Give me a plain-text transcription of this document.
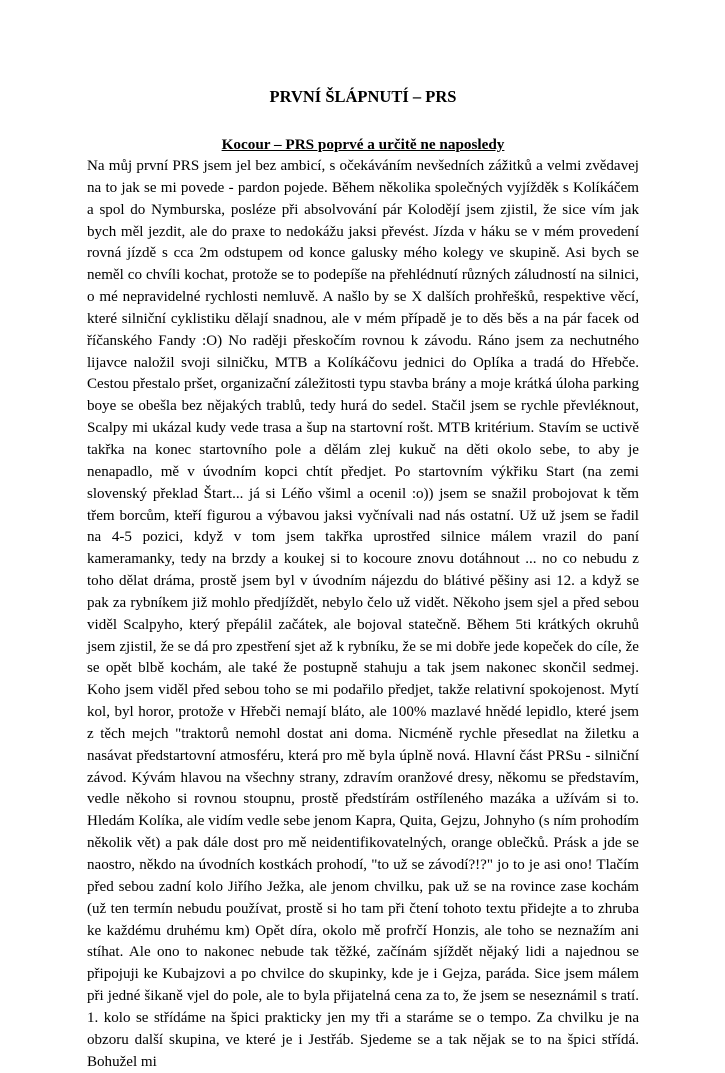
PRVNÍ ŠLÁPNUTÍ – PRS
Kocour – PRS poprvé a určitě ne naposledy

Na můj první PRS jsem jel bez ambicí, s očekáváním nevšedních zážitků a velmi zvědavej na to jak se mi povede - pardon pojede. Během několika společných vyjížděk s Kolíkáčem a spol do Nymburska, posléze při absolvování pár Kolodějí jsem zjistil, že sice vím jak bych měl jezdit, ale do praxe to nedokážu jaksi převést. Jízda v háku se v mém provedení rovná jízdě s cca 2m odstupem od konce galusky mého kolegy ve skupině. Asi bych se neměl co chvíli kochat, protože se to podepíše na přehlédnutí různých záludností na silnici, o mé nepravidelné rychlosti nemluvě. A našlo by se X dalších prohřešků, respektive věcí, které silniční cyklistiku dělají snadnou, ale v mém případě je to děs běs a na pár facek od říčanského Fandy :O) No raději přeskočím rovnou k závodu. Ráno jsem za nechutného lijavce naložil svoji silničku, MTB a Kolíkáčovu jednici do Oplíka a tradá do Hřebče. Cestou přestalo pršet, organizační záležitosti typu stavba brány a moje krátká úloha parking boye se obešla bez nějakých trablů, tedy hurá do sedel. Stačil jsem se rychle převléknout, Scalpy mi ukázal kudy vede trasa a šup na startovní rošt. MTB kritérium. Stavím se uctivě takřka na konec startovního pole a dělám zlej kukuč na děti okolo sebe, to aby je nenapadlo, mě v úvodním kopci chtít předjet. Po startovním výkřiku Start (na zemi slovenský překlad Štart... já si Léňo všiml a ocenil :o)) jsem se snažil probojovat k těm třem borcům, kteří figurou a výbavou jaksi vyčnívali nad nás ostatní. Už už jsem se řadil na 4-5 pozici, když v tom jsem takřka uprostřed silnice málem vrazil do paní kameramanky, tedy na brzdy a koukej si to kocoure znovu dotáhnout ... no co nebudu z toho dělat dráma, prostě jsem byl v úvodním nájezdu do blátivé pěšiny asi 12. a když se pak za rybníkem již mohlo předjíždět, nebylo čelo už vidět. Někoho jsem sjel a před sebou viděl Scalpyho, který přepálil začátek, ale bojoval statečně. Během 5ti krátkých okruhů jsem zjistil, že se dá pro zpestření sjet až k rybníku, že se mi dobře jede kopeček do cíle, že se opět blbě kochám, ale také že postupně stahuju a tak jsem nakonec skončil sedmej. Koho jsem viděl před sebou toho se mi podařilo předjet, takže relativní spokojenost. Mytí kol, byl horor, protože v Hřebči nemají bláto, ale 100% mazlavé hnědé lepidlo, které jsem z těch mejch "traktorů nemohl dostat ani doma. Nicméně rychle přesedlat na žiletku a nasávat předstartovní atmosféru, která pro mě byla úplně nová. Hlavní část PRSu - silniční závod. Kývám hlavou na všechny strany, zdravím oranžové dresy, někomu se představím, vedle někoho si rovnou stoupnu, prostě předstírám ostříleného mazáka a užívám si to. Hledám Kolíka, ale vidím vedle sebe jenom Kapra, Quita, Gejzu, Johnyho (s ním prohodím několik vět) a pak dále dost pro mě neidentifikovatelných, orange oblečků. Prásk a jde se naostro, někdo na úvodních kostkách prohodí, "to už se závodí?!?" jo to je asi ono! Tlačím před sebou zadní kolo Jiřího Ježka, ale jenom chvilku, pak už se na rovince zase kochám (už ten termín nebudu používat, prostě si ho tam při čtení tohoto textu přidejte a to zhruba ke každému druhému km) Opět díra, okolo mě profrčí Honzis, ale toho se neznažím ani stíhat. Ale ono to nakonec nebude tak těžké, začínám sjíždět nějaký lidi a najednou se připojuji ke Kubajzovi a po chvilce do skupinky, kde je i Gejza, paráda. Sice jsem málem při jedné šikaně vjel do pole, ale to byla přijatelná cena za to, že jsem se neseznámil s tratí. 1. kolo se střídáme na špici prakticky jen my tři a staráme se o tempo. Za chvilku je na obzoru další skupina, ve které je i Jestřáb. Sjedeme se a tak nějak se to na špici střídá. Bohužel mi
